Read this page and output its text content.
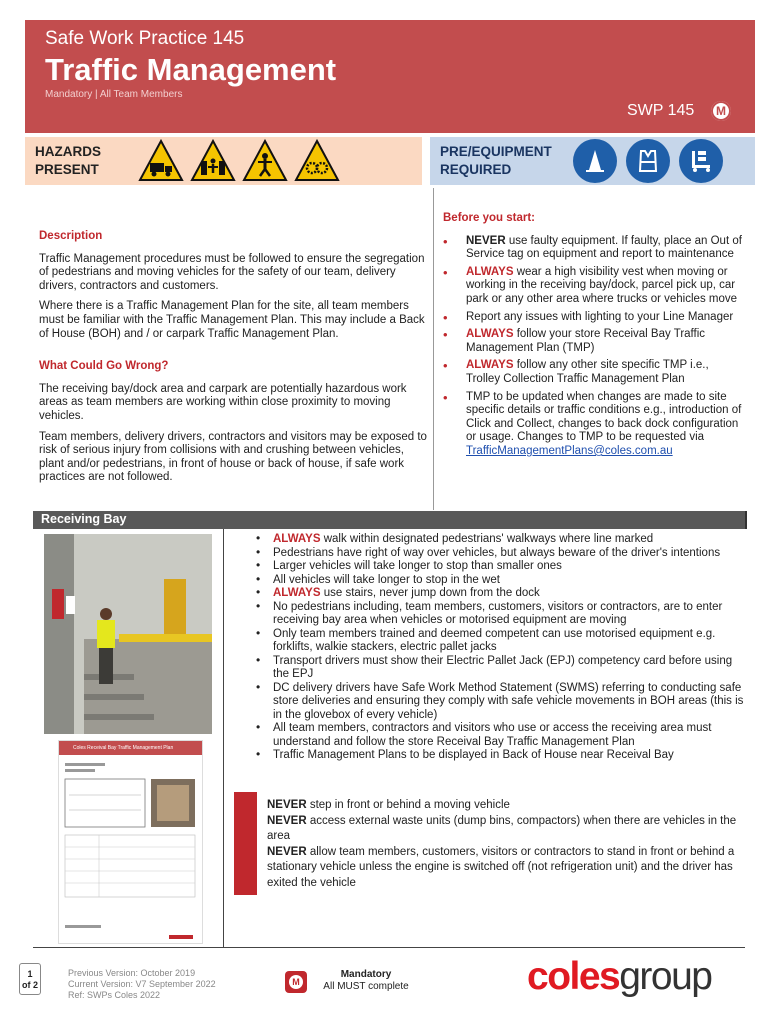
Safe Work Practice 145
Traffic Management
Mandatory | All Team Members
SWP 145	M
HAZARDS
PRESENT
PRE/EQUIPMENT
REQUIRED
Description

Traffic Management procedures must be followed to ensure the segregation of pedestrians and moving vehicles for the safety of our team, delivery drivers, contractors and customers.

Where there is a Traffic Management Plan for the site, all team members must be familiar with the Traffic Management Plan. This may include a Back of House (BOH) and / or carpark Traffic Management Plan.

What Could Go Wrong?

The receiving bay/dock area and carpark are potentially hazardous work areas as team members are working within close proximity to moving vehicles.

Team members, delivery drivers, contractors and visitors may be exposed to risk of serious injury from collisions with and crushing between vehicles, plant and/or pedestrians, in front of house or back of house, if safe work practices are not followed.

Before you start:
• NEVER use faulty equipment. If faulty, place an Out of Service tag on equipment and report to maintenance
• ALWAYS wear a high visibility vest when moving or working in the receiving bay/dock, parcel pick up, car park or any other area where trucks or vehicles move
• Report any issues with lighting to your Line Manager
• ALWAYS follow your store Receival Bay Traffic Management Plan (TMP)
• ALWAYS follow any other site specific TMP i.e., Trolley Collection Traffic Management Plan
• TMP to be updated when changes are made to site specific details or traffic conditions e.g., introduction of Click and Collect, changes to back dock configuration or usage. Changes to TMP to be requested via TrafficManagementPlans@coles.com.au
Receiving Bay
Coles Receival Bay Traffic Management Plan
• ALWAYS walk within designated pedestrians' walkways where line marked
• Pedestrians have right of way over vehicles, but always beware of the driver's intentions
• Larger vehicles will take longer to stop than smaller ones
• All vehicles will take longer to stop in the wet
• ALWAYS use stairs, never jump down from the dock
• No pedestrians including, team members, customers, visitors or contractors, are to enter receiving bay area when vehicles or motorised equipment are moving
• Only team members trained and deemed competent can use motorised equipment e.g. forklifts, walkie stackers, electric pallet jacks
• Transport drivers must show their Electric Pallet Jack (EPJ) competency card before using the EPJ
• DC delivery drivers have Safe Work Method Statement (SWMS) referring to conducting safe store deliveries and ensuring they comply with safe vehicle movements in BOH areas (this is in the glovebox of every vehicle)
• All team members, contractors and visitors who use or access the receiving area must understand and follow the store Receival Bay Traffic Management Plan
• Traffic Management Plans to be displayed in Back of House near Receival Bay
NEVER step in front or behind a moving vehicle
NEVER access external waste units (dump bins, compactors) when there are vehicles in the area
NEVER allow team members, customers, visitors or contractors to stand in front or behind a stationary vehicle unless the engine is switched off (not refrigeration unit) and the driver has exited the vehicle
1
of 2
Previous Version: October 2019
Current Version: V7 September 2022
Ref: SWPs Coles 2022
M
Mandatory
All MUST complete	colesgroup
